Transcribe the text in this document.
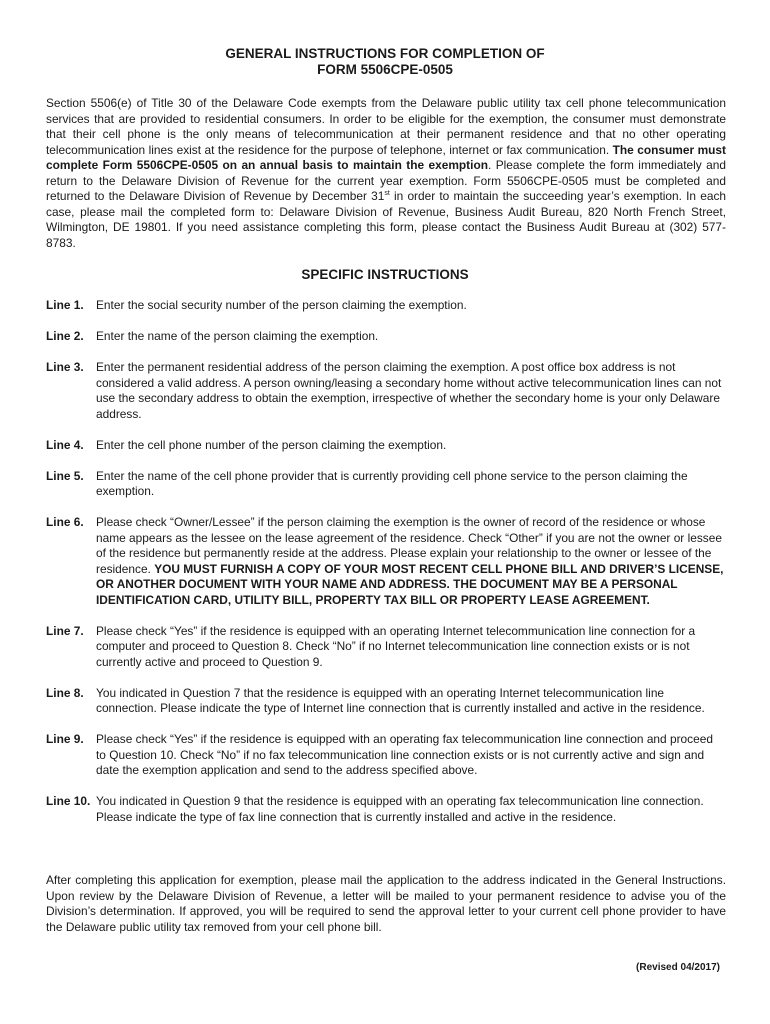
GENERAL INSTRUCTIONS FOR COMPLETION OF
FORM 5506CPE-0505
Section 5506(e) of Title 30 of the Delaware Code exempts from the Delaware public utility tax cell phone telecommunication services that are provided to residential consumers. In order to be eligible for the exemption, the consumer must demonstrate that their cell phone is the only means of telecommunication at their permanent residence and that no other operating telecommunication lines exist at the residence for the purpose of telephone, internet or fax communication. The consumer must complete Form 5506CPE-0505 on an annual basis to maintain the exemption. Please complete the form immediately and return to the Delaware Division of Revenue for the current year exemption. Form 5506CPE-0505 must be completed and returned to the Delaware Division of Revenue by December 31st in order to maintain the succeeding year’s exemption. In each case, please mail the completed form to: Delaware Division of Revenue, Business Audit Bureau, 820 North French Street, Wilmington, DE 19801. If you need assistance completing this form, please contact the Business Audit Bureau at (302) 577-8783.
SPECIFIC INSTRUCTIONS
Line 1.	Enter the social security number of the person claiming the exemption.
Line 2.	Enter the name of the person claiming the exemption.
Line 3.	Enter the permanent residential address of the person claiming the exemption. A post office box address is not considered a valid address. A person owning/leasing a secondary home without active telecommunication lines can not use the secondary address to obtain the exemption, irrespective of whether the secondary home is your only Delaware address.
Line 4.	Enter the cell phone number of the person claiming the exemption.
Line 5.	Enter the name of the cell phone provider that is currently providing cell phone service to the person claiming the exemption.
Line 6.	Please check “Owner/Lessee” if the person claiming the exemption is the owner of record of the residence or whose name appears as the lessee on the lease agreement of the residence. Check “Other” if you are not the owner or lessee of the residence but permanently reside at the address. Please explain your relationship to the owner or lessee of the residence. YOU MUST FURNISH A COPY OF YOUR MOST RECENT CELL PHONE BILL AND DRIVER’S LICENSE, OR ANOTHER DOCUMENT WITH YOUR NAME AND ADDRESS. THE DOCUMENT MAY BE A PERSONAL IDENTIFICATION CARD, UTILITY BILL, PROPERTY TAX BILL OR PROPERTY LEASE AGREEMENT.
Line 7.	Please check “Yes” if the residence is equipped with an operating Internet telecommunication line connection for a computer and proceed to Question 8. Check “No” if no Internet telecommunication line connection exists or is not currently active and proceed to Question 9.
Line 8.	You indicated in Question 7 that the residence is equipped with an operating Internet telecommunication line connection. Please indicate the type of Internet line connection that is currently installed and active in the residence.
Line 9.	Please check “Yes” if the residence is equipped with an operating fax telecommunication line connection and proceed to Question 10. Check “No” if no fax telecommunication line connection exists or is not currently active and sign and date the exemption application and send to the address specified above.
Line 10. You indicated in Question 9 that the residence is equipped with an operating fax telecommunication line connection. Please indicate the type of fax line connection that is currently installed and active in the residence.
After completing this application for exemption, please mail the application to the address indicated in the General Instructions. Upon review by the Delaware Division of Revenue, a letter will be mailed to your permanent residence to advise you of the Division’s determination. If approved, you will be required to send the approval letter to your current cell phone provider to have the Delaware public utility tax removed from your cell phone bill.
(Revised 04/2017)
